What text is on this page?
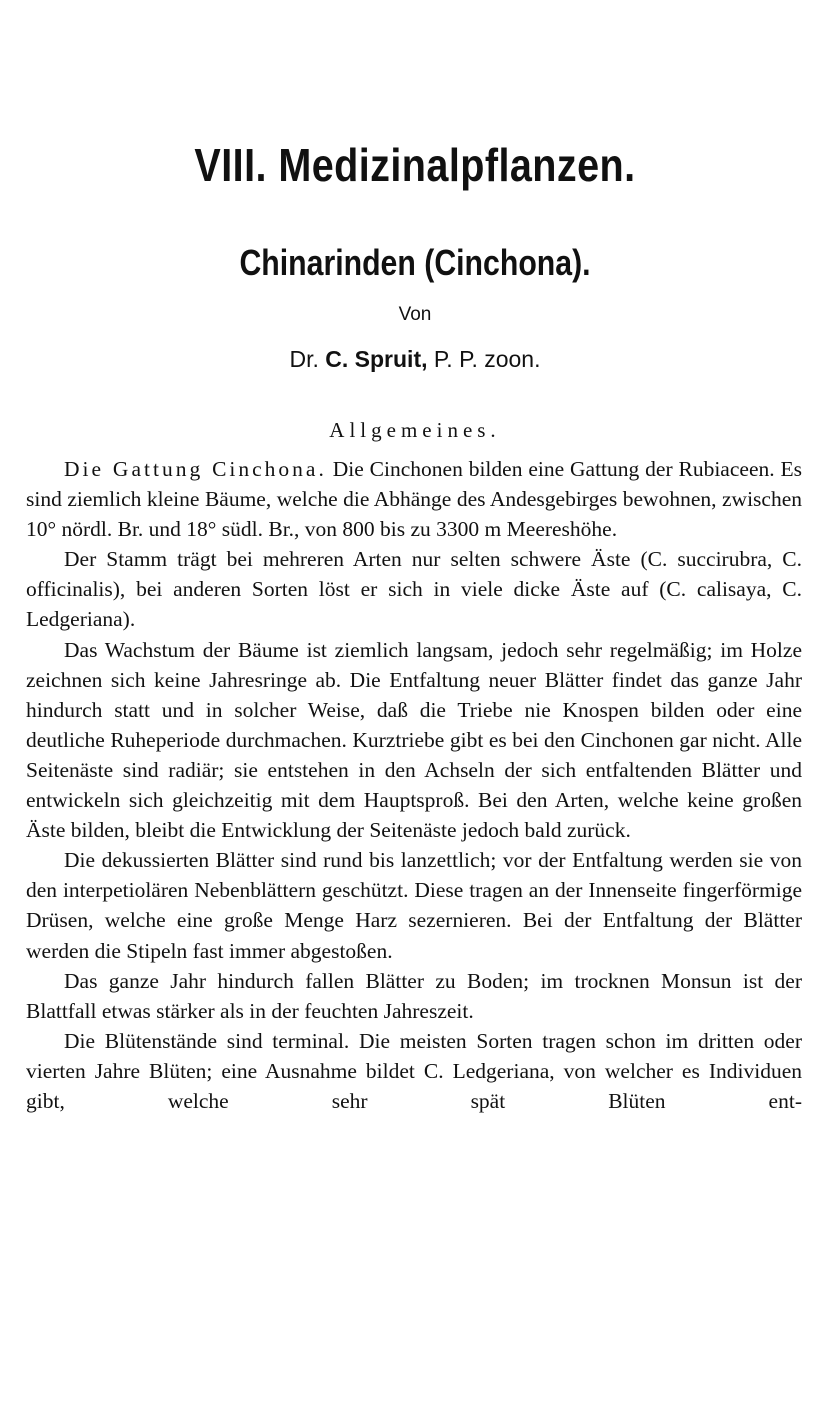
VIII. Medizinalpflanzen.
Chinarinden (Cinchona).
Von
Dr. C. Spruit, P. P. zoon.
Allgemeines.

Die Gattung Cinchona. Die Cinchonen bilden eine Gattung der Rubiaceen. Es sind ziemlich kleine Bäume, welche die Abhänge des Andesgebirges bewohnen, zwischen 10° nördl. Br. und 18° südl. Br., von 800 bis zu 3300 m Meereshöhe.

Der Stamm trägt bei mehreren Arten nur selten schwere Äste (C. succirubra, C. officinalis), bei anderen Sorten löst er sich in viele dicke Äste auf (C. calisaya, C. Ledgeriana).

Das Wachstum der Bäume ist ziemlich langsam, jedoch sehr regelmäßig; im Holze zeichnen sich keine Jahresringe ab. Die Entfaltung neuer Blätter findet das ganze Jahr hindurch statt und in solcher Weise, daß die Triebe nie Knospen bilden oder eine deutliche Ruheperiode durchmachen. Kurztriebe gibt es bei den Cinchonen gar nicht. Alle Seitenäste sind radiär; sie entstehen in den Achseln der sich entfaltenden Blätter und entwickeln sich gleichzeitig mit dem Hauptsproß. Bei den Arten, welche keine großen Äste bilden, bleibt die Entwicklung der Seitenäste jedoch bald zurück.

Die dekussierten Blätter sind rund bis lanzettlich; vor der Entfaltung werden sie von den interpetiolären Nebenblättern geschützt. Diese tragen an der Innenseite fingerförmige Drüsen, welche eine große Menge Harz sezernieren. Bei der Entfaltung der Blätter werden die Stipeln fast immer abgestoßen.

Das ganze Jahr hindurch fallen Blätter zu Boden; im trocknen Monsun ist der Blattfall etwas stärker als in der feuchten Jahreszeit.

Die Blütenstände sind terminal. Die meisten Sorten tragen schon im dritten oder vierten Jahre Blüten; eine Ausnahme bildet C. Ledgeriana, von welcher es Individuen gibt, welche sehr spät Blüten ent-
